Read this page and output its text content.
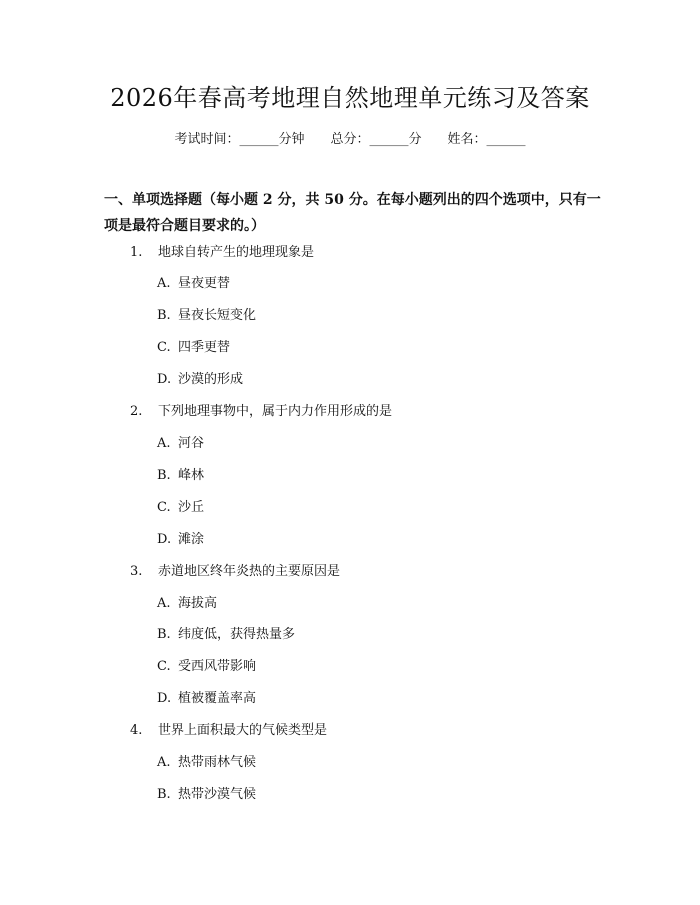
2026年春高考地理自然地理单元练习及答案
考试时间：______分钟 总分：______分 姓名：______
一、单项选择题（每小题 2 分，共 50 分。在每小题列出的四个选项中，只有一项是最符合题目要求的。）
1. 地球自转产生的地理现象是
A. 昼夜更替
B. 昼夜长短变化
C. 四季更替
D. 沙漠的形成
2. 下列地理事物中，属于内力作用形成的是
A. 河谷
B. 峰林
C. 沙丘
D. 滩涂
3. 赤道地区终年炎热的主要原因是
A. 海拔高
B. 纬度低，获得热量多
C. 受西风带影响
D. 植被覆盖率高
4. 世界上面积最大的气候类型是
A. 热带雨林气候
B. 热带沙漠气候
